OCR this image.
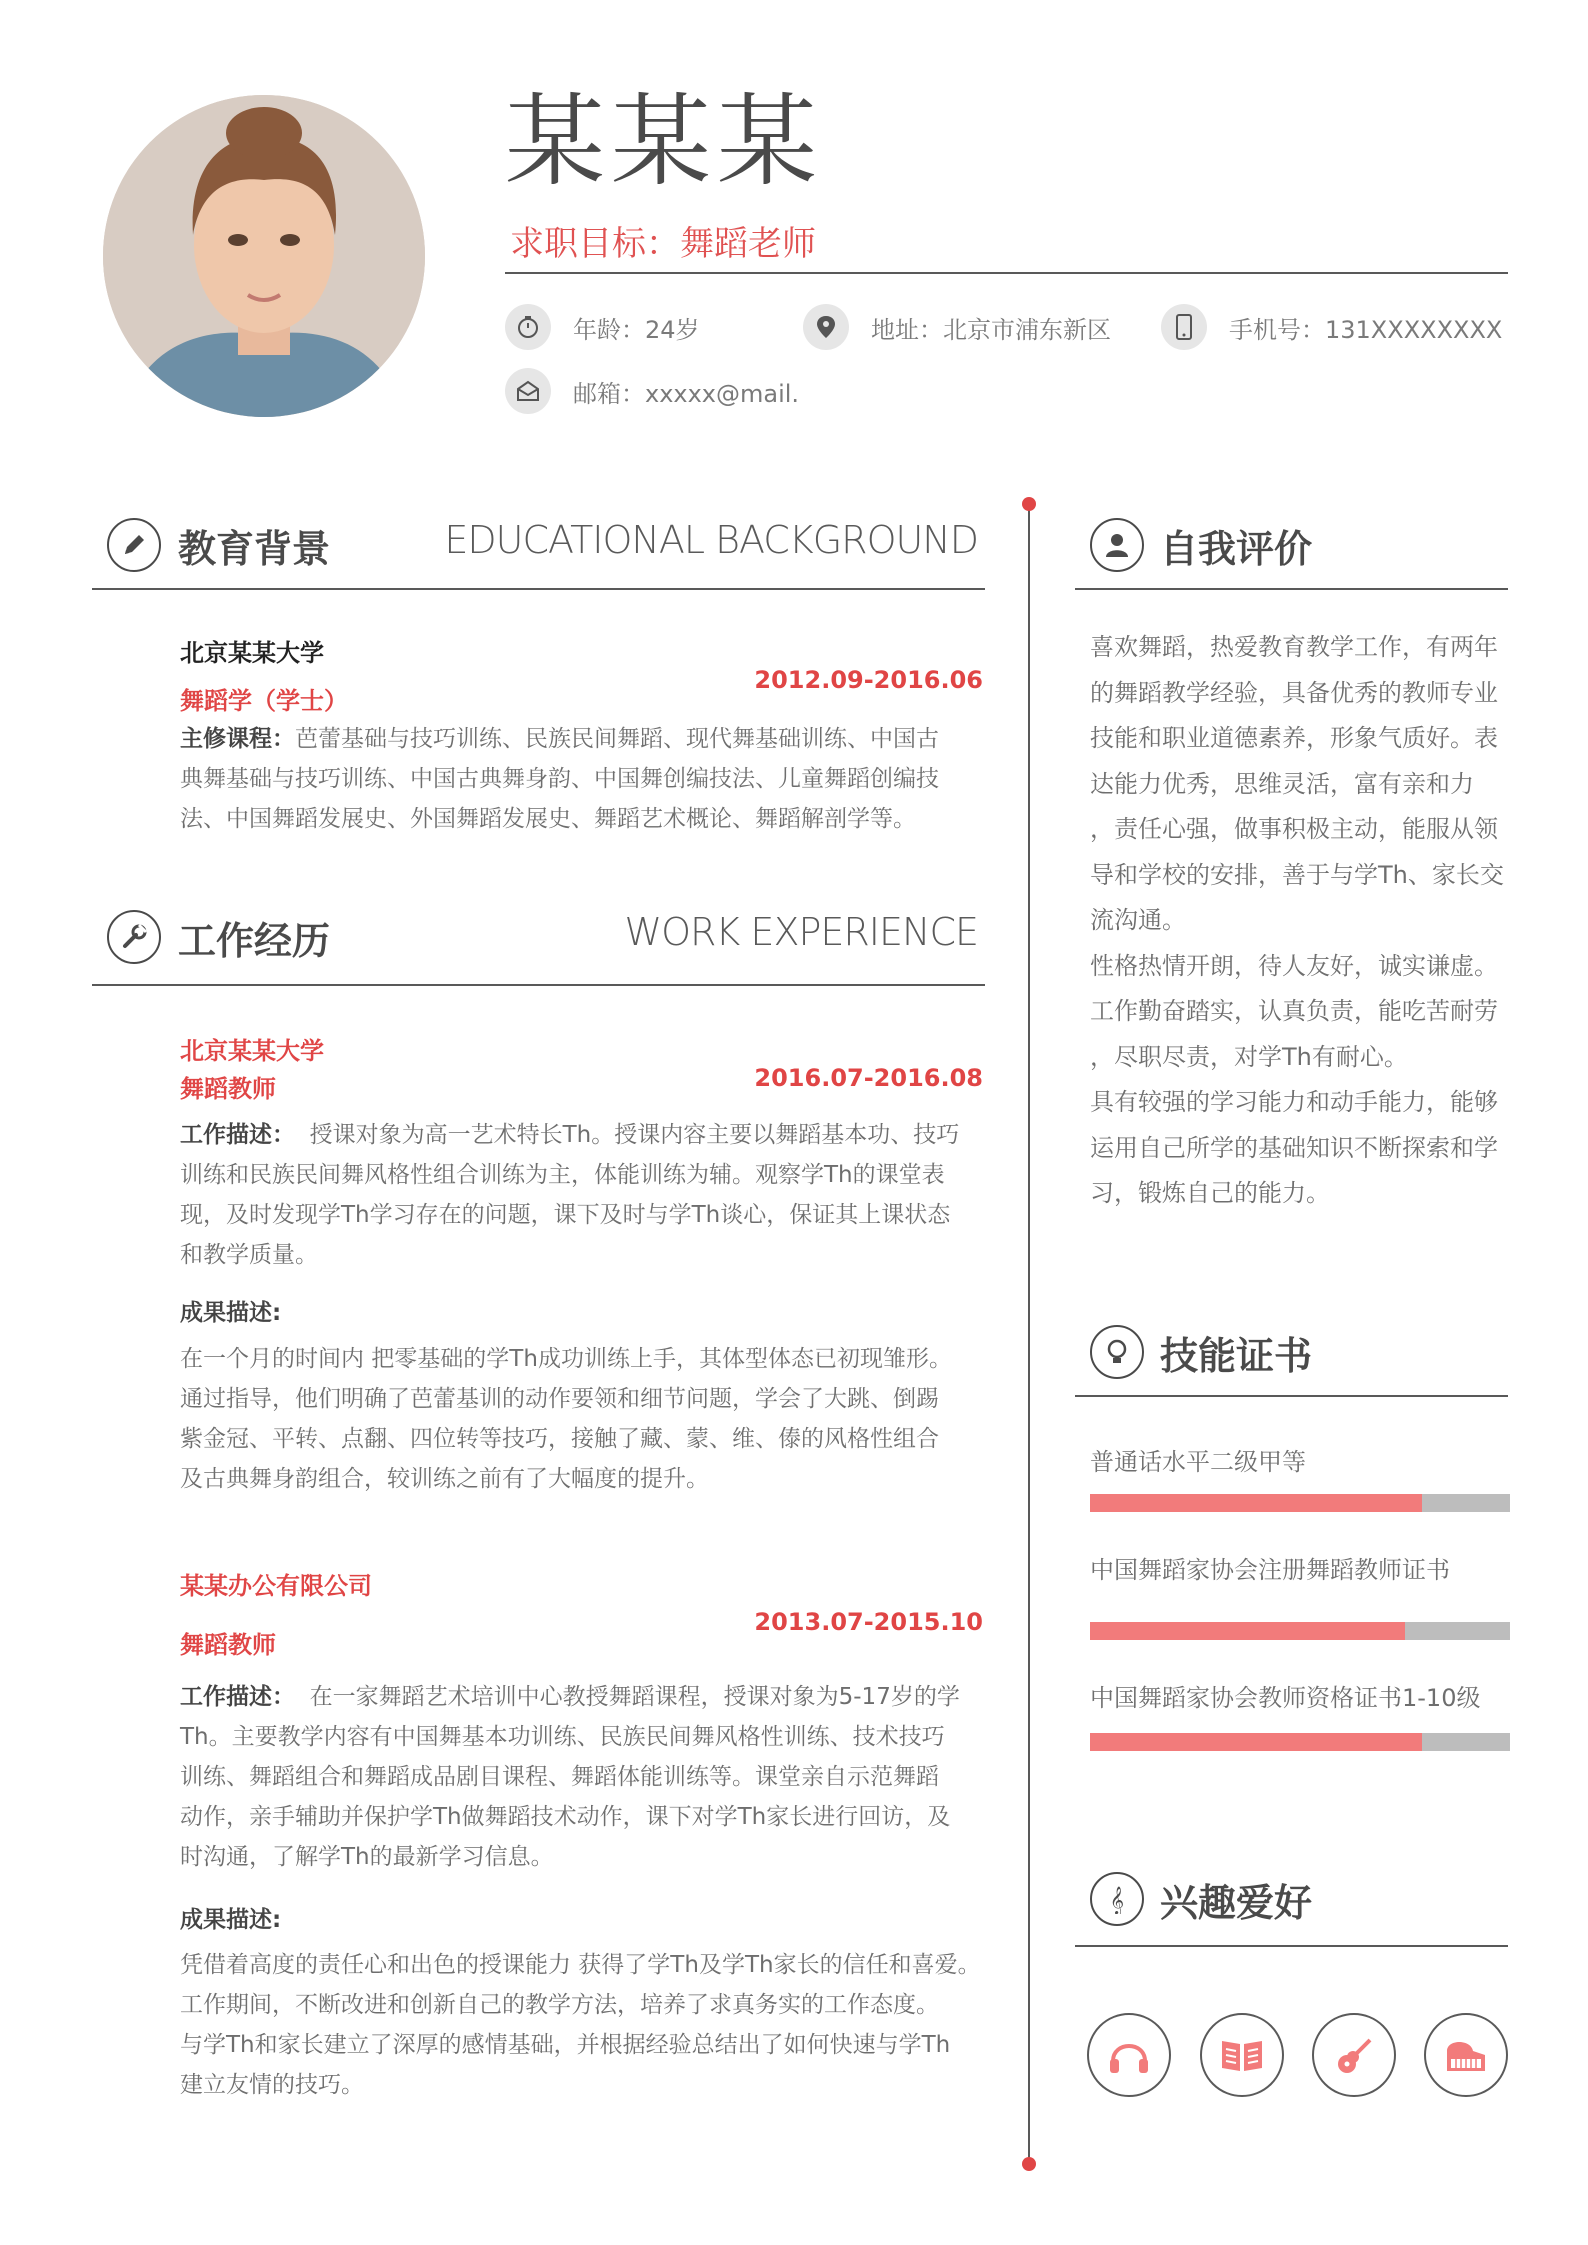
某某某
求职目标：舞蹈老师
年龄：24岁	地址：北京市浦东新区	手机号：131XXXXXXXX
邮箱：xxxxx@mail.
教育背景	EDUCATIONAL BACKGROUND
北京某某大学
2012.09-2016.06
舞蹈学（学士）
主修课程：芭蕾基础与技巧训练、民族民间舞蹈、现代舞基础训练、中国古
典舞基础与技巧训练、中国古典舞身韵、中国舞创编技法、儿童舞蹈创编技
法、中国舞蹈发展史、外国舞蹈发展史、舞蹈艺术概论、舞蹈解剖学等。
工作经历	WORK EXPERIENCE
北京某某大学
舞蹈教师	2016.07-2016.08
工作描述： 授课对象为高一艺术特长Th。授课内容主要以舞蹈基本功、技巧
训练和民族民间舞风格性组合训练为主，体能训练为辅。观察学Th的课堂表
现，及时发现学Th学习存在的问题，课下及时与学Th谈心，保证其上课状态
和教学质量。
成果描述:
在一个月的时间内 把零基础的学Th成功训练上手，其体型体态已初现雏形。
通过指导，他们明确了芭蕾基训的动作要领和细节问题，学会了大跳、倒踢
紫金冠、平转、点翻、四位转等技巧，接触了藏、蒙、维、傣的风格性组合
及古典舞身韵组合，较训练之前有了大幅度的提升。
某某办公有限公司
2013.07-2015.10
舞蹈教师
工作描述： 在一家舞蹈艺术培训中心教授舞蹈课程，授课对象为5-17岁的学
Th。主要教学内容有中国舞基本功训练、民族民间舞风格性训练、技术技巧
训练、舞蹈组合和舞蹈成品剧目课程、舞蹈体能训练等。课堂亲自示范舞蹈
动作，亲手辅助并保护学Th做舞蹈技术动作，课下对学Th家长进行回访，及
时沟通，了解学Th的最新学习信息。
成果描述:
凭借着高度的责任心和出色的授课能力 获得了学Th及学Th家长的信任和喜爱。
工作期间，不断改进和创新自己的教学方法，培养了求真务实的工作态度。
与学Th和家长建立了深厚的感情基础，并根据经验总结出了如何快速与学Th
建立友情的技巧。
自我评价
喜欢舞蹈，热爱教育教学工作，有两年
的舞蹈教学经验，具备优秀的教师专业
技能和职业道德素养，形象气质好。表
达能力优秀，思维灵活，富有亲和力
，责任心强，做事积极主动，能服从领
导和学校的安排，善于与学Th、家长交
流沟通。
性格热情开朗，待人友好，诚实谦虚。
工作勤奋踏实，认真负责，能吃苦耐劳
，尽职尽责，对学Th有耐心。
具有较强的学习能力和动手能力，能够
运用自己所学的基础知识不断探索和学
习，锻炼自己的能力。
技能证书
普通话水平二级甲等
中国舞蹈家协会注册舞蹈教师证书
中国舞蹈家协会教师资格证书1-10级
𝄞 兴趣爱好
